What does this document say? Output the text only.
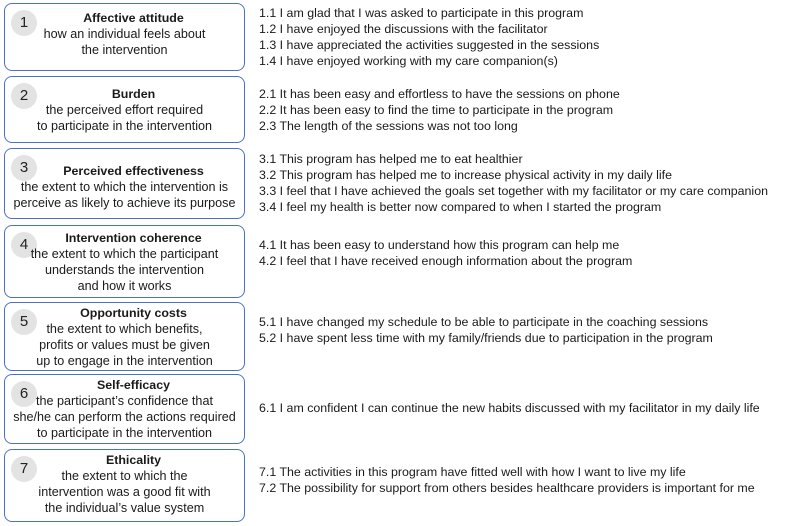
1	Affective attitude
how an individual feels about
the intervention
1.1 I am glad that I was asked to participate in this program
1.2 I have enjoyed the discussions with the facilitator
1.3 I have appreciated the activities suggested in the sessions
1.4 I have enjoyed working with my care companion(s)
2	Burden
the perceived effort required
to participate in the intervention
2.1 It has been easy and effortless to have the sessions on phone
2.2 It has been easy to find the time to participate in the program
2.3 The length of the sessions was not too long
3	Perceived effectiveness
the extent to which the intervention is
perceive as likely to achieve its purpose
3.1 This program has helped me to eat healthier
3.2 This program has helped me to increase physical activity in my daily life
3.3 I feel that I have achieved the goals set together with my facilitator or my care companion
3.4 I feel my health is better now compared to when I started the program
4	Intervention coherence
the extent to which the participant
understands the intervention
and how it works
4.1 It has been easy to understand how this program can help me
4.2 I feel that I have received enough information about the program
5	Opportunity costs
the extent to which benefits,
profits or values must be given
up to engage in the intervention
5.1 I have changed my schedule to be able to participate in the coaching sessions
5.2 I have spent less time with my family/friends due to participation in the program
6	Self-efficacy
the participant’s confidence that
she/he can perform the actions required
to participate in the intervention
6.1 I am confident I can continue the new habits discussed with my facilitator in my daily life
7	Ethicality
the extent to which the
intervention was a good fit with
the individual’s value system
7.1 The activities in this program have fitted well with how I want to live my life
7.2 The possibility for support from others besides healthcare providers is important for me
